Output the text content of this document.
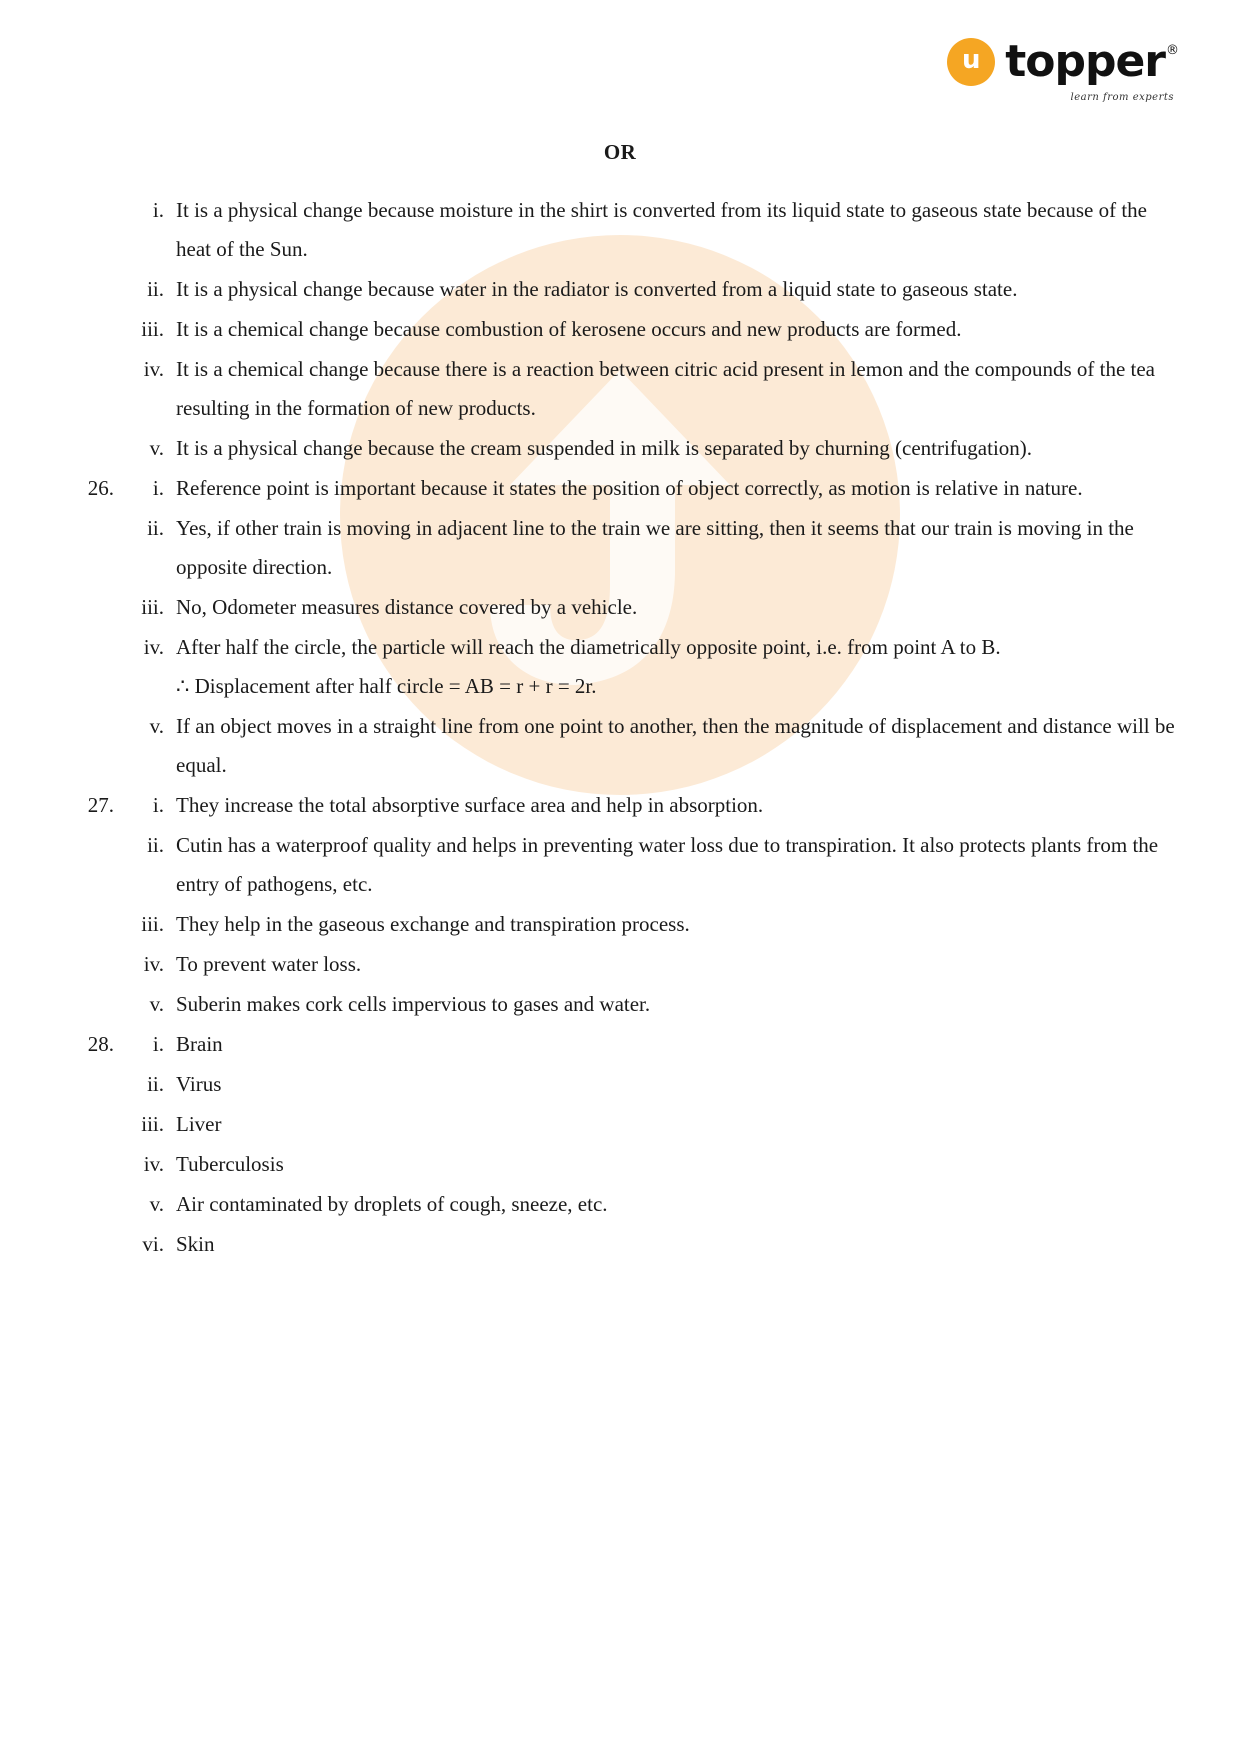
u topper®
learn from experts
OR
i. It is a physical change because moisture in the shirt is converted from its liquid state to gaseous state because of the heat of the Sun.
ii. It is a physical change because water in the radiator is converted from a liquid state to gaseous state.
iii. It is a chemical change because combustion of kerosene occurs and new products are formed.
iv. It is a chemical change because there is a reaction between citric acid present in lemon and the compounds of the tea resulting in the formation of new products.
v. It is a physical change because the cream suspended in milk is separated by churning (centrifugation).
26.	i. Reference point is important because it states the position of object correctly, as motion is relative in nature.
ii. Yes, if other train is moving in adjacent line to the train we are sitting, then it seems that our train is moving in the opposite direction.
iii. No, Odometer measures distance covered by a vehicle.
iv. After half the circle, the particle will reach the diametrically opposite point, i.e. from point A to B.
∴ Displacement after half circle = AB = r + r = 2r.
v. If an object moves in a straight line from one point to another, then the magnitude of displacement and distance will be equal.
27.	i. They increase the total absorptive surface area and help in absorption.
ii. Cutin has a waterproof quality and helps in preventing water loss due to transpiration. It also protects plants from the entry of pathogens, etc.
iii. They help in the gaseous exchange and transpiration process.
iv. To prevent water loss.
v. Suberin makes cork cells impervious to gases and water.
28.	i. Brain
ii. Virus
iii. Liver
iv. Tuberculosis
v. Air contaminated by droplets of cough, sneeze, etc.
vi. Skin
